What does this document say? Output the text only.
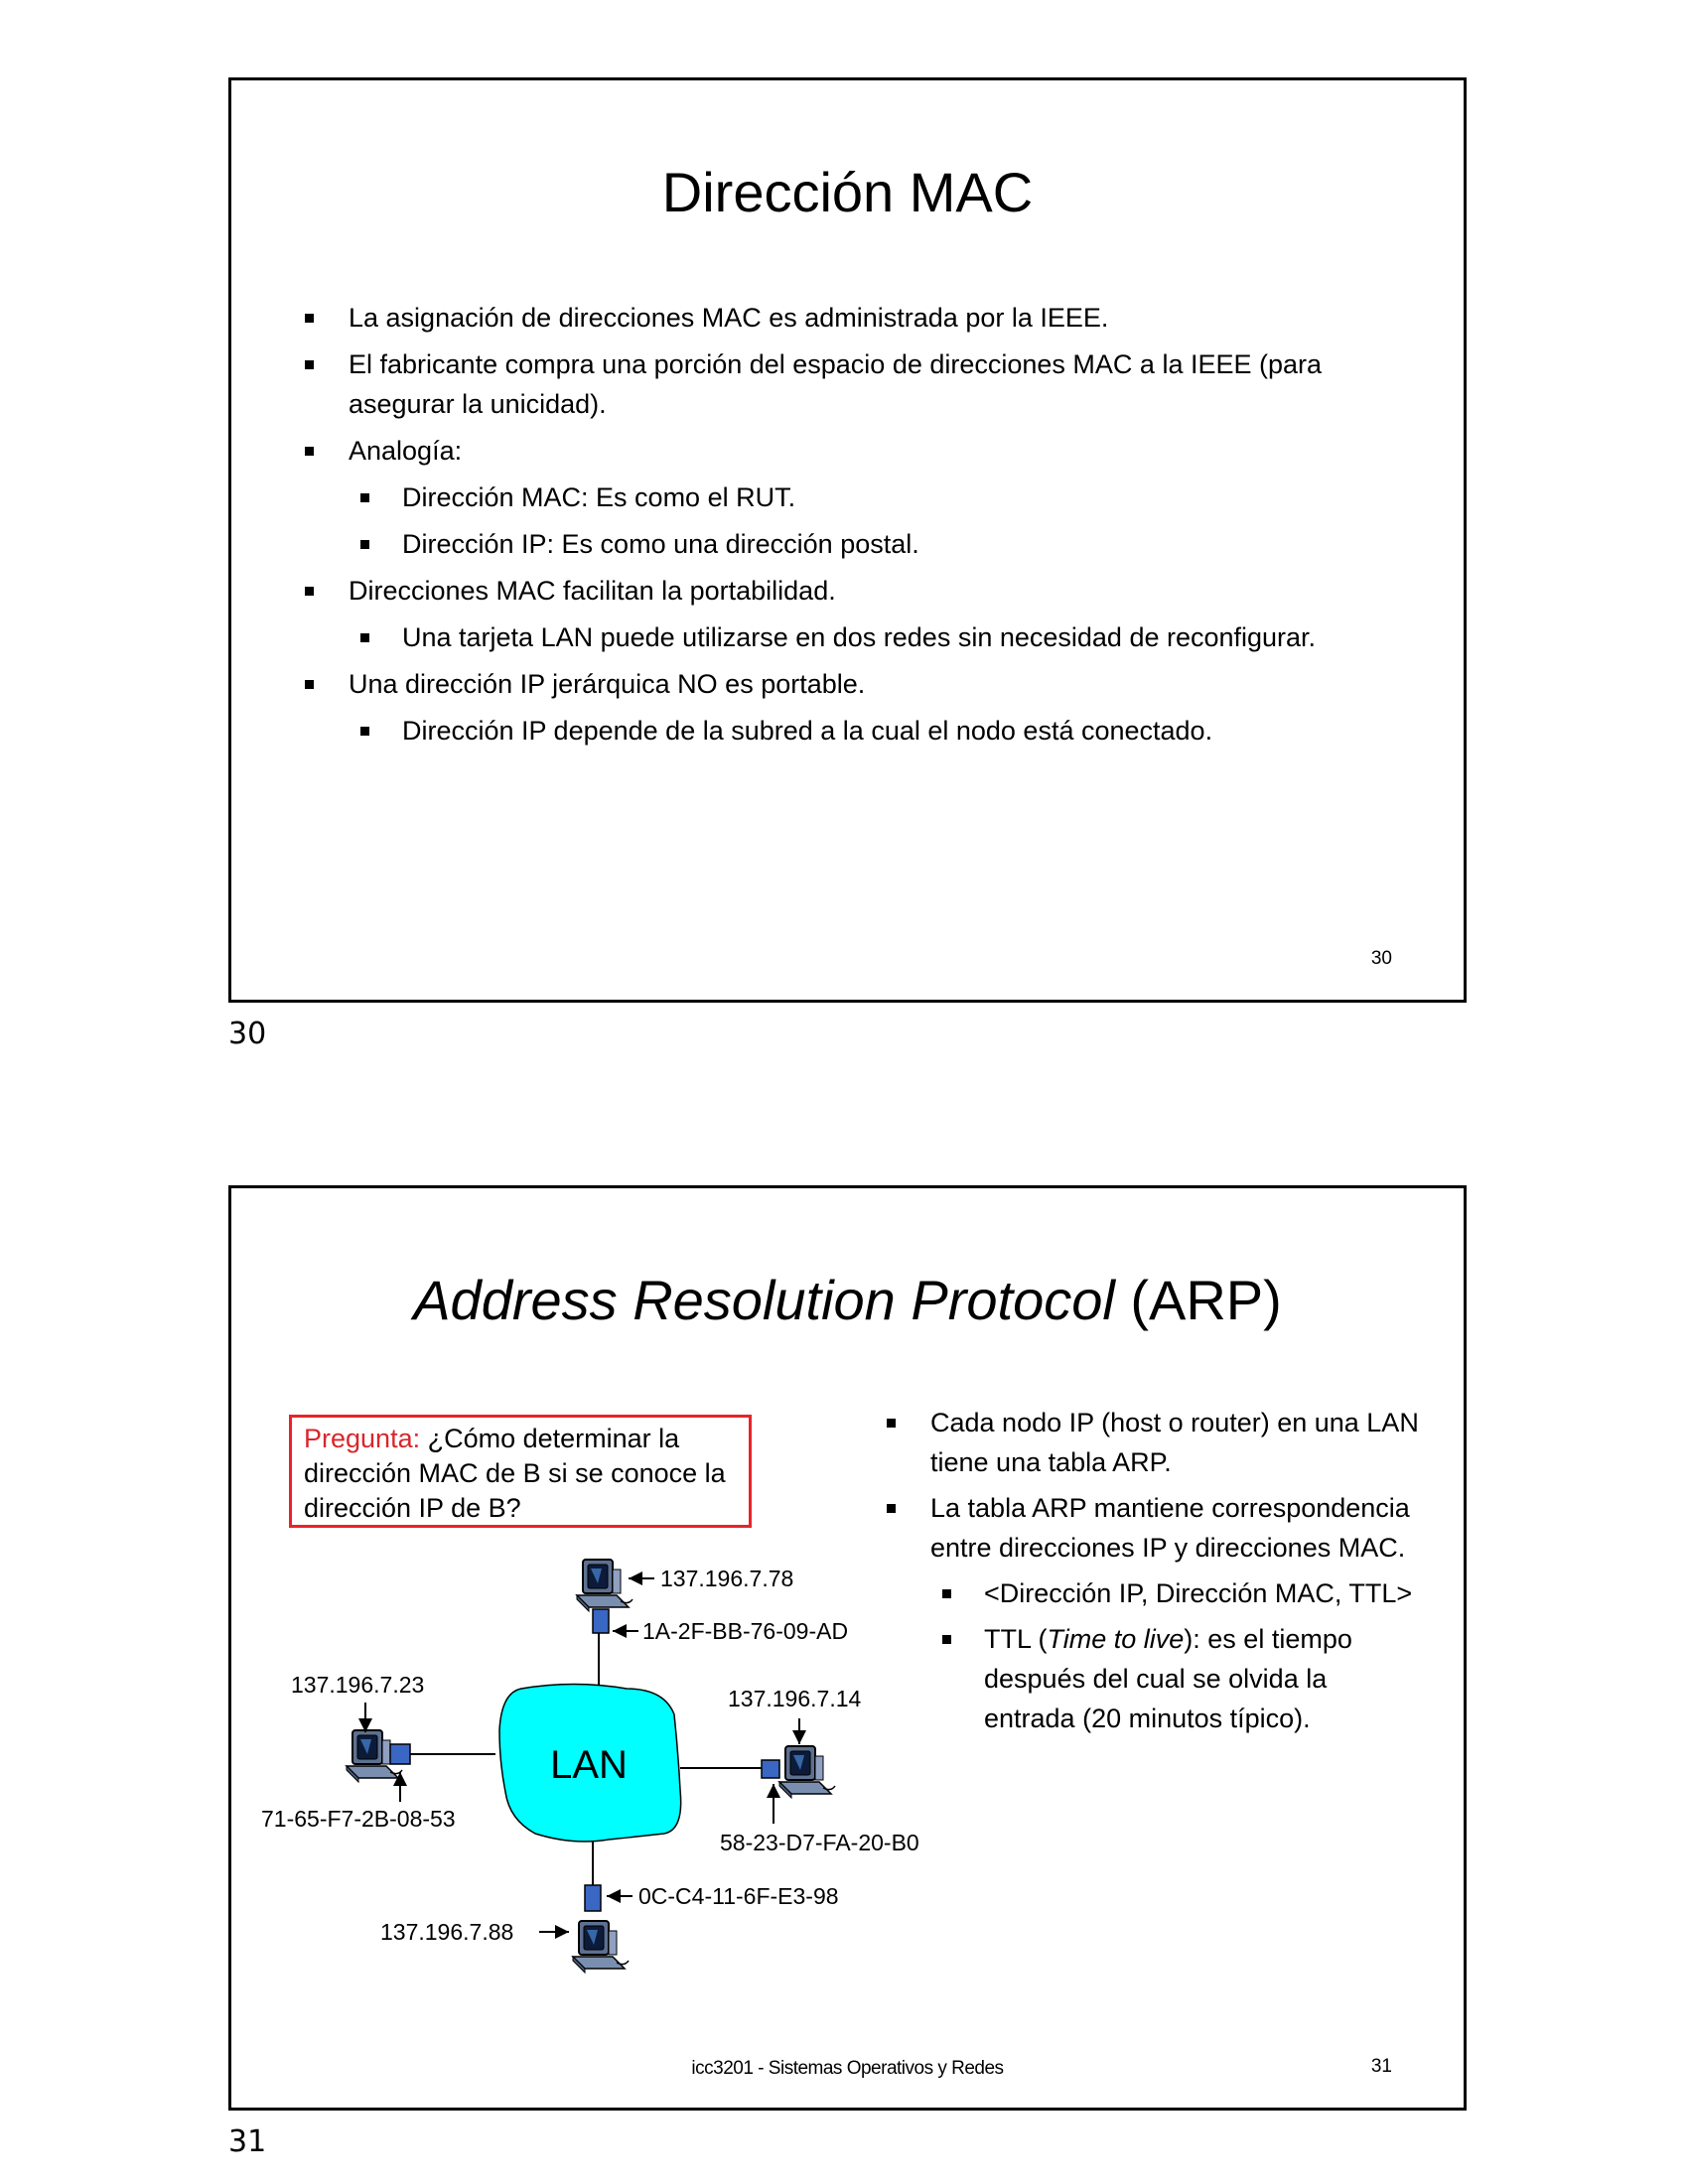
Dirección MAC
La asignación de direcciones MAC es administrada por la IEEE.
El fabricante compra una porción del espacio de direcciones MAC a la IEEE (para asegurar la unicidad).
Analogía:
Dirección MAC: Es como el RUT.
Dirección IP: Es como una dirección postal.
Direcciones MAC facilitan la portabilidad.
Una tarjeta LAN puede utilizarse en dos redes sin necesidad de reconfigurar.
Una dirección IP jerárquica NO es portable.
Dirección IP depende de la subred a la cual el nodo está conectado.
30
30
Address Resolution Protocol (ARP)
LAN
137.196.7.78
1A-2F-BB-76-09-AD
137.196.7.23
71-65-F7-2B-08-53
137.196.7.14
58-23-D7-FA-20-B0
0C-C4-11-6F-E3-98
137.196.7.88
Pregunta: ¿Cómo determinar la dirección MAC de B si se conoce la dirección IP de B?
Cada nodo IP (host o router) en una LAN tiene una tabla ARP.
La tabla ARP mantiene correspondencia entre direcciones IP y direcciones MAC.
<Dirección IP, Dirección MAC, TTL>
TTL (Time to live): es el tiempo después del cual se olvida la entrada (20 minutos típico).
icc3201 - Sistemas Operativos y Redes	31
31
